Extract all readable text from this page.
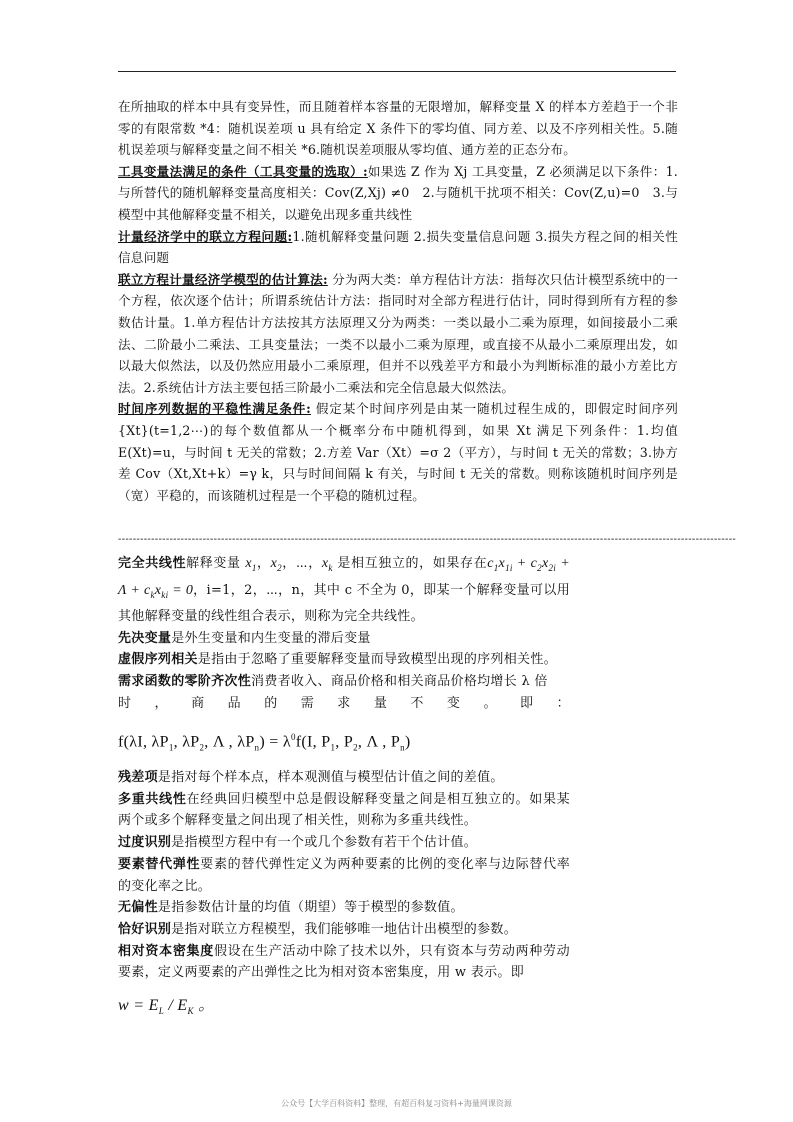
在所抽取的样本中具有变异性，而且随着样本容量的无限增加，解释变量 X 的样本方差趋于一个非零的有限常数 *4：随机误差项 u 具有给定 X 条件下的零均值、同方差、以及不序列相关性。5.随机误差项与解释变量之间不相关 *6.随机误差项服从零均值、通方差的正态分布。

工具变量法满足的条件（工具变量的选取）:如果选 Z 作为 Xj 工具变量，Z 必须满足以下条件：1.与所替代的随机解释变量高度相关：Cov(Z,Xj) ≠0　2.与随机干扰项不相关：Cov(Z,u)=0　3.与模型中其他解释变量不相关，以避免出现多重共线性

计量经济学中的联立方程问题:1.随机解释变量问题 2.损失变量信息问题 3.损失方程之间的相关性信息问题

联立方程计量经济学模型的估计算法: 分为两大类：单方程估计方法：指每次只估计模型系统中的一个方程，依次逐个估计；所谓系统估计方法：指同时对全部方程进行估计，同时得到所有方程的参数估计量。1.单方程估计方法按其方法原理又分为两类：一类以最小二乘为原理，如间接最小二乘法、二阶最小二乘法、工具变量法；一类不以最小二乘为原理，或直接不从最小二乘原理出发，如以最大似然法，以及仍然应用最小二乘原理，但并不以残差平方和最小为判断标准的最小方差比方法。2.系统估计方法主要包括三阶最小二乘法和完全信息最大似然法。

时间序列数据的平稳性满足条件: 假定某个时间序列是由某一随机过程生成的，即假定时间序列{Xt}(t=1,2⋯)的每个数值都从一个概率分布中随机得到，如果 Xt 满足下列条件：1.均值 E(Xt)=u，与时间 t 无关的常数；2.方差 Var（Xt）=σ 2（平方），与时间 t 无关的常数；3.协方差 Cov（Xt,Xt+k）=γ k，只与时间间隔 k 有关，与时间 t 无关的常数。则称该随机时间序列是（宽）平稳的，而该随机过程是一个平稳的随机过程。

------------------------------------------------------------------------------------------------------------------------------------------------------------------------

完全共线性解释变量 $x_1$，$x_2$，⋯，$x_k$ 是相互独立的，如果存在$c_1x_{1i} + c_2x_{2i} + \Lambda + c_kx_{ki} = 0$，i=1，2，⋯，n，其中 c 不全为 0，即某一个解释变量可以用其他解释变量的线性组合表示，则称为完全共线性。

先决变量是外生变量和内生变量的滞后变量

虚假序列相关是指由于忽略了重要解释变量而导致模型出现的序列相关性。

需求函数的零阶齐次性消费者收入、商品价格和相关商品价格均增长 λ 倍

时 ， 商 品 的 需 求 量 不 变 。 即 ：
f(λI, $\lambda P_1$, $\lambda P_2$, Λ , $\lambda P_n) = \lambda^0f(I$, $P_1$, $P_2$, Λ , $P_n$)

残差项是指对每个样本点，样本观测值与模型估计值之间的差值。

多重共线性在经典回归模型中总是假设解释变量之间是相互独立的。如果某两个或多个解释变量之间出现了相关性，则称为多重共线性。

过度识别是指模型方程中有一个或几个参数有若干个估计值。

要素替代弹性要素的替代弹性定义为两种要素的比例的变化率与边际替代率的变化率之比。

无偏性是指参数估计量的均值（期望）等于模型的参数值。

恰好识别是指对联立方程模型，我们能够唯一地估计出模型的参数。

相对资本密集度假设在生产活动中除了技术以外，只有资本与劳动两种劳动要素，定义两要素的产出弹性之比为相对资本密集度，用 w 表示。即

$w = E_L / E_K$ 。
公众号【大学百科资料】整理，有超百科复习资料+海量网课资源
